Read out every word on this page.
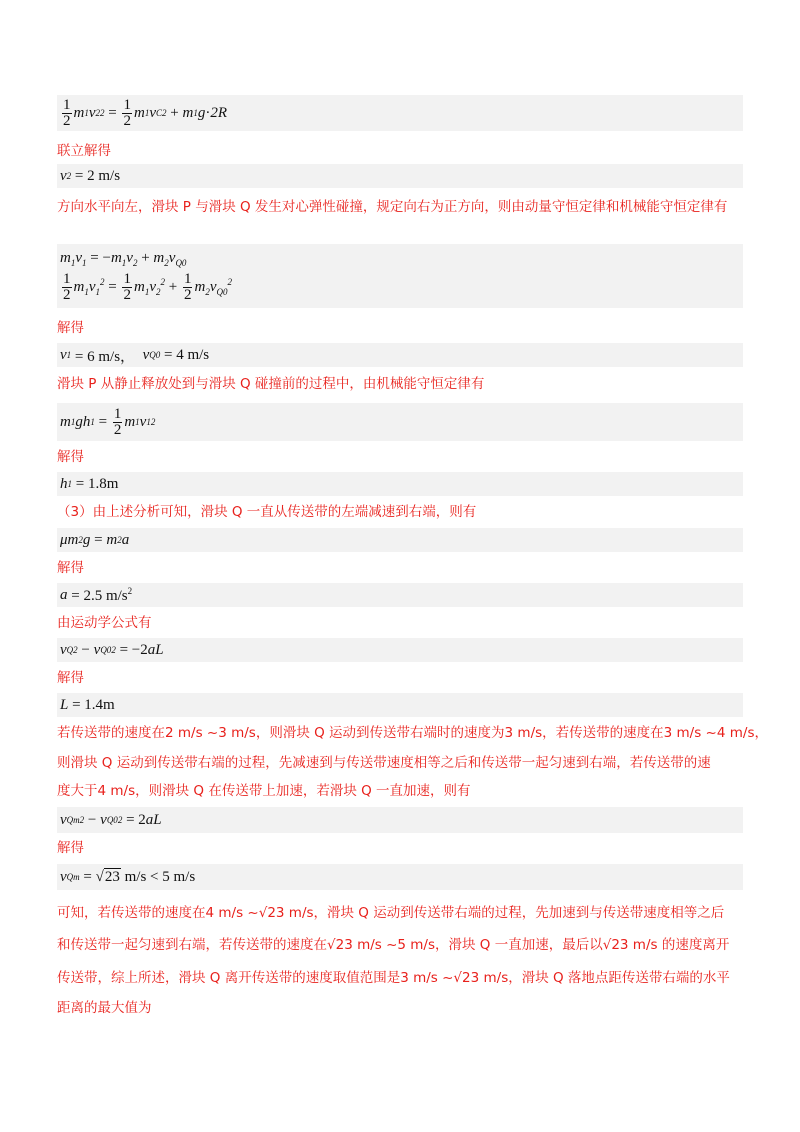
$\frac{1}{2}$ m 1 v 2 2
=
$\frac{1}{2}$ m 1 v C 2
+ m 1 g · 2R
联立解得
v 2
= 2 m/s
方向水平向左，滑块 P 与滑块 Q 发生对心弹性碰撞，规定向右为正方向，则由动量守恒定律和机械能守恒定律有
$m_1v_1 = -m_1v_2 + m_2v_{Q0}$
$\frac{1}{2} m_1v_1^2 = \frac{1}{2} m_1v_2^2 + \frac{1}{2} m_2v_{Q0}^2$
解得
v 1
= 6 m/s， v Q0
= 4 m/s
滑块 P 从静止释放处到与滑块 Q 碰撞前的过程中，由机械能守恒定律有
m 1 gh 1
=
$\frac{1}{2}$ m 1 v 1 2
解得
h 1
= 1.8m
（3）由上述分析可知，滑块 Q 一直从传送带的左端减速到右端，则有
μm 2 g = m 2 a
解得
a = 2.5 $m/s^2$
由运动学公式有
v Q 2
− v Q0 2
= −2 aL
解得
L = 1.4m
若传送带的速度在2 m/s ~3 m/s，则滑块 Q 运动到传送带右端时的速度为3 m/s，若传送带的速度在3 m/s ~4 m/s，
则滑块 Q 运动到传送带右端的过程，先减速到与传送带速度相等之后和传送带一起匀速到右端，若传送带的速
度大于4 m/s，则滑块 Q 在传送带上加速，若滑块 Q 一直加速，则有
v Qm 2
− v Q0 2
= 2 aL
解得
v Qm
= √23 m/s < 5 m/s
可知，若传送带的速度在4 m/s ~√23 m/s，滑块 Q 运动到传送带右端的过程，先加速到与传送带速度相等之后
和传送带一起匀速到右端，若传送带的速度在√23 m/s ~5 m/s，滑块 Q 一直加速，最后以√23 m/s 的速度离开
传送带，综上所述，滑块 Q 离开传送带的速度取值范围是3 m/s ~√23 m/s，滑块 Q 落地点距传送带右端的水平
距离的最大值为
